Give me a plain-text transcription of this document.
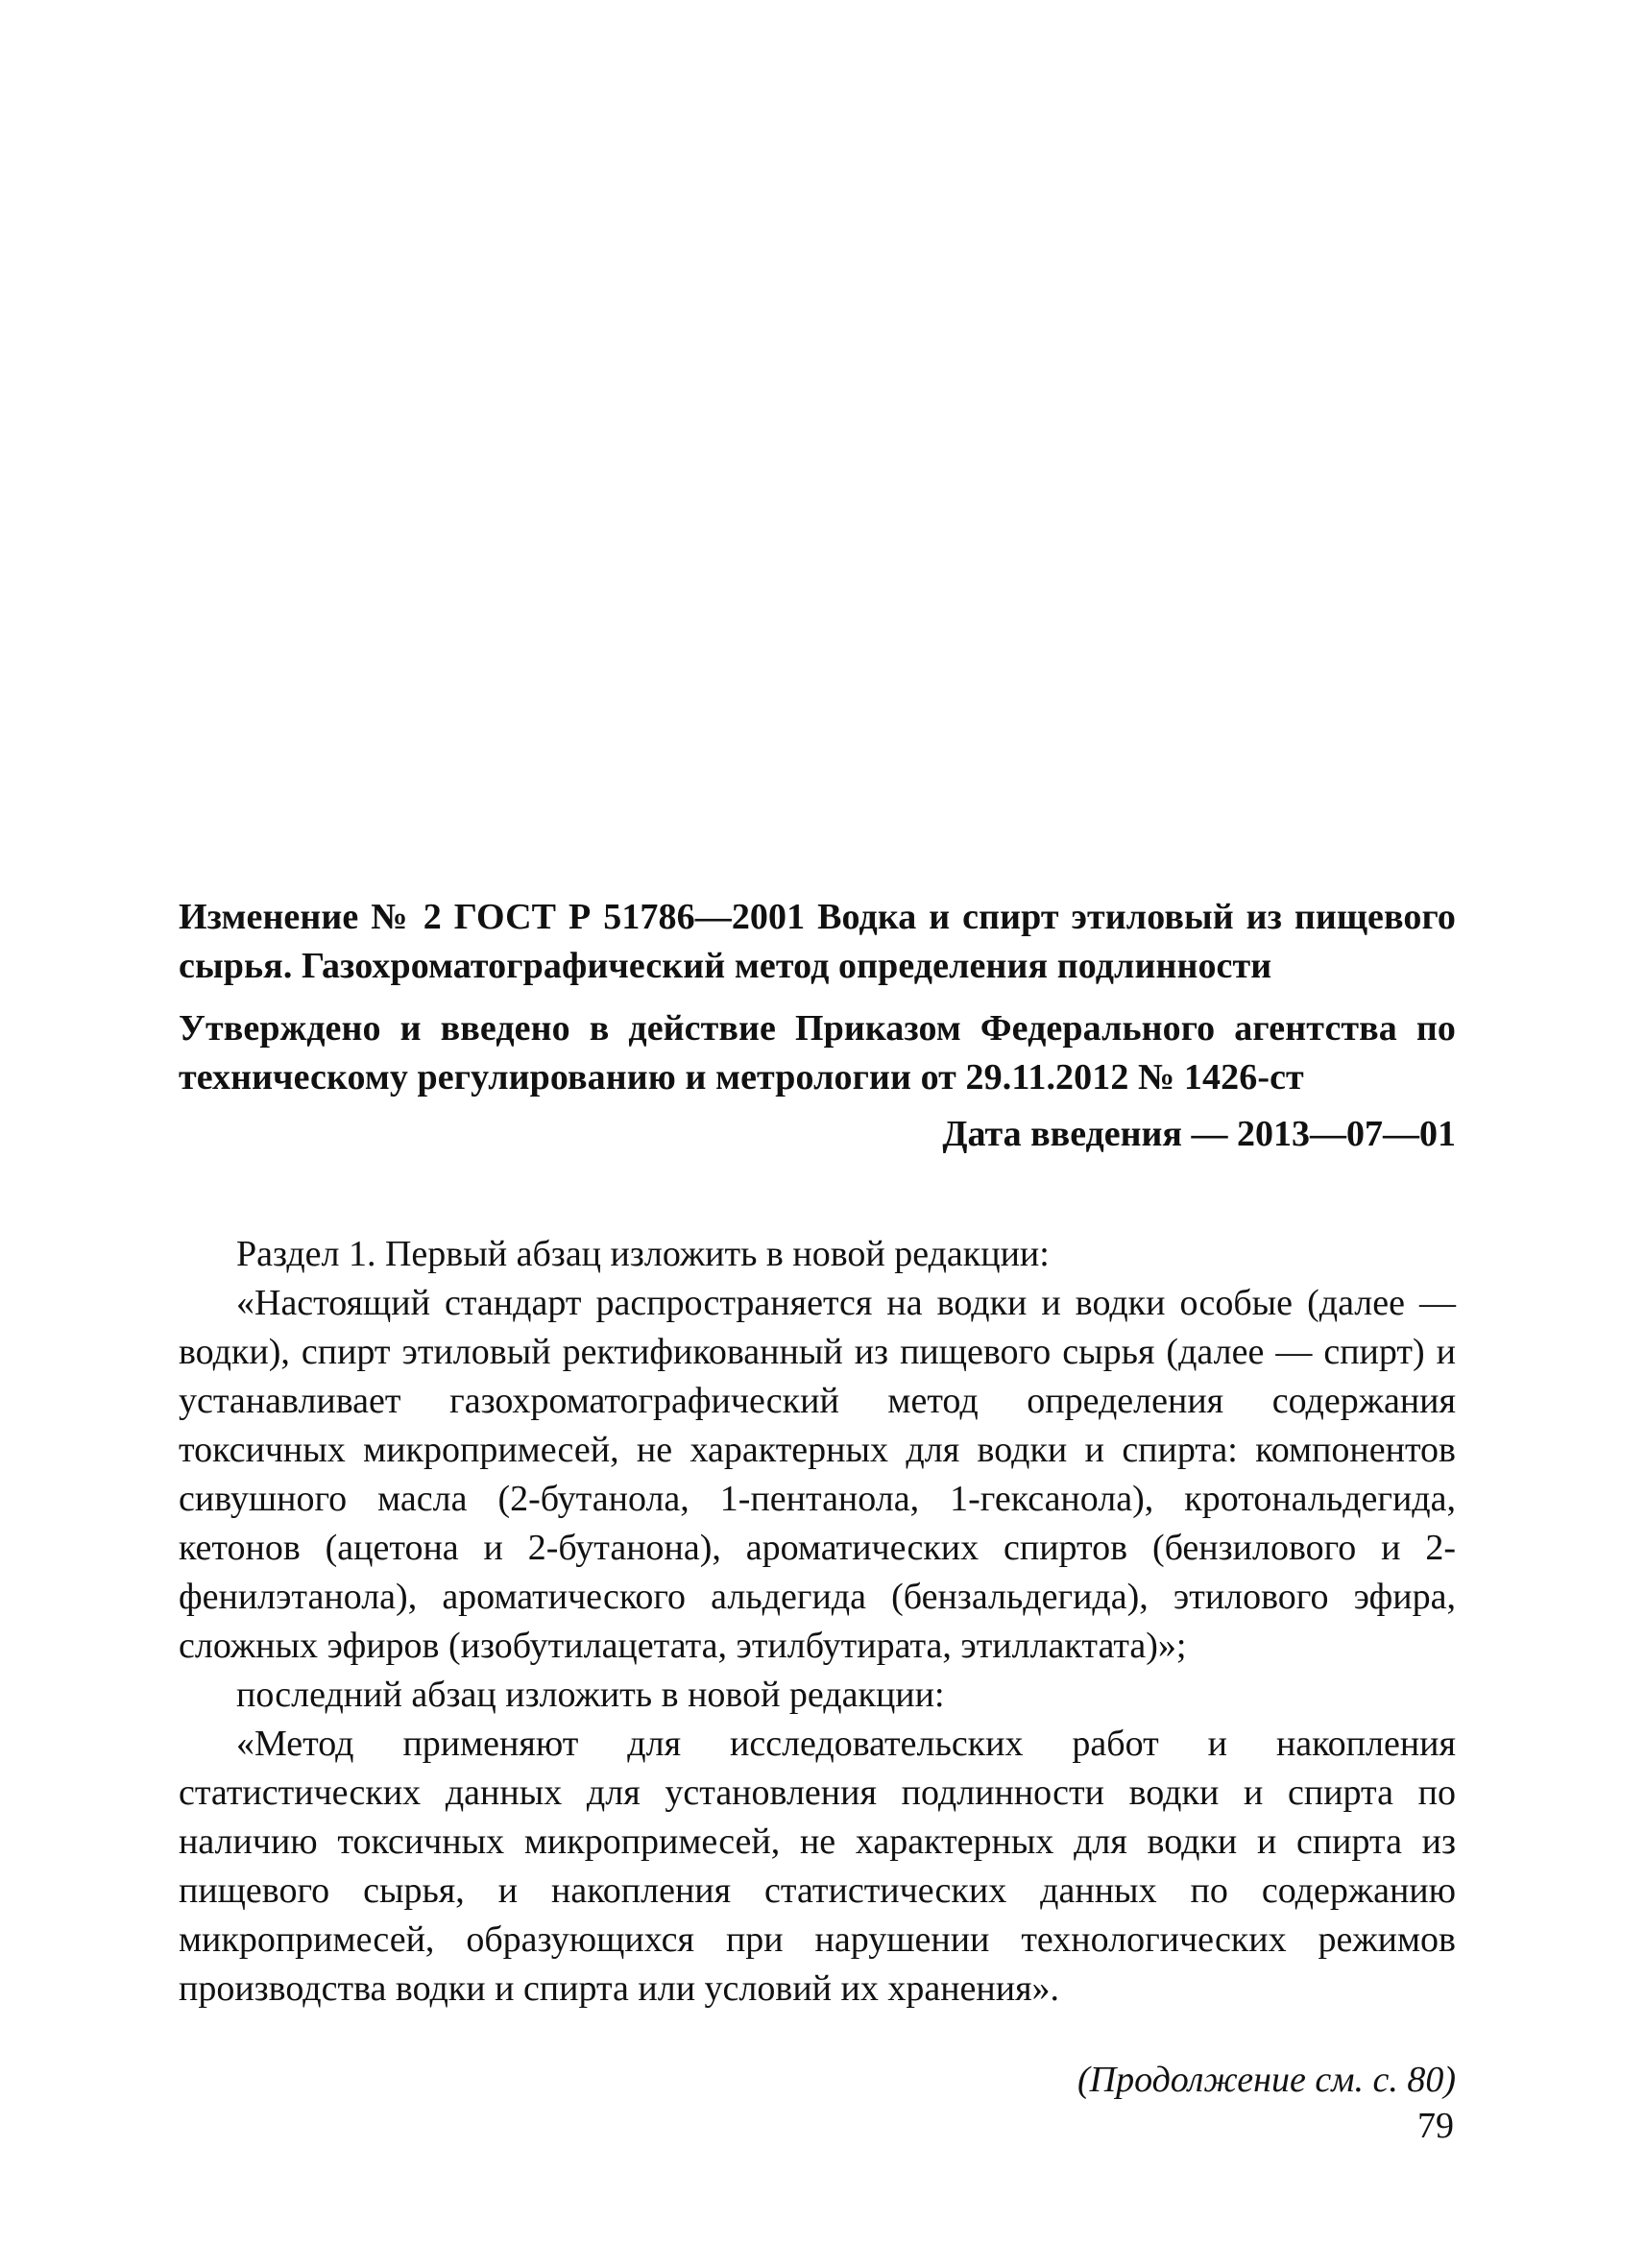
Изменение № 2 ГОСТ Р 51786—2001 Водка и спирт этиловый из пищевого сырья. Газохроматографический метод определения подлинности

Утверждено и введено в действие Приказом Федерального агентства по техническому регулированию и метрологии от 29.11.2012 № 1426-ст

Дата введения — 2013—07—01

Раздел 1. Первый абзац изложить в новой редакции:

«Настоящий стандарт распространяется на водки и водки особые (далее — водки), спирт этиловый ректификованный из пищевого сырья (далее — спирт) и устанавливает газохроматографический метод определения содержания токсичных микропримесей, не характерных для водки и спирта: компонентов сивушного масла (2-бутанола, 1-пентанола, 1-гексанола), кротональдегида, кетонов (ацетона и 2-бутанона), ароматических спиртов (бензилового и 2-фенилэтанола), ароматического альдегида (бензальдегида), этилового эфира, сложных эфиров (изобутилацетата, этилбутирата, этиллактата)»;

последний абзац изложить в новой редакции:

«Метод применяют для исследовательских работ и накопления статистических данных для установления подлинности водки и спирта по наличию токсичных микропримесей, не характерных для водки и спирта из пищевого сырья, и накопления статистических данных по содержанию микропримесей, образующихся при нарушении технологических режимов производства водки и спирта или условий их хранения».

(Продолжение см. с. 80)
79
